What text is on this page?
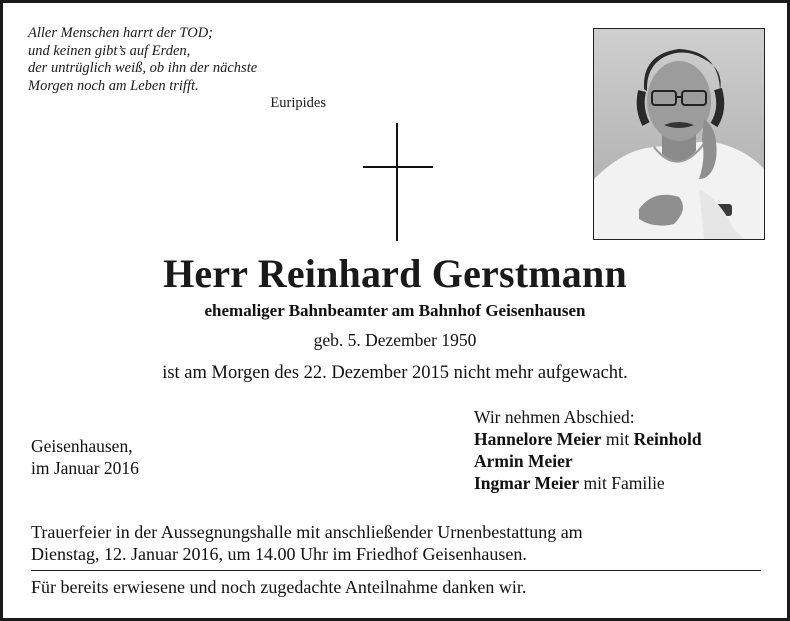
Aller Menschen harrt der TOD;
und keinen gibt’s auf Erden,
der untrüglich weiß, ob ihn der nächste
Morgen noch am Leben trifft.
Euripides
Herr Reinhard Gerstmann
ehemaliger Bahnbeamter am Bahnhof Geisenhausen
geb. 5. Dezember 1950
ist am Morgen des 22. Dezember 2015 nicht mehr aufgewacht.
Geisenhausen,
im Januar 2016
Wir nehmen Abschied:
Hannelore Meier mit Reinhold
Armin Meier
Ingmar Meier mit Familie
Trauerfeier in der Aussegnungshalle mit anschließender Urnenbestattung am
Dienstag, 12. Januar 2016, um 14.00 Uhr im Friedhof Geisenhausen.
Für bereits erwiesene und noch zugedachte Anteilnahme danken wir.
